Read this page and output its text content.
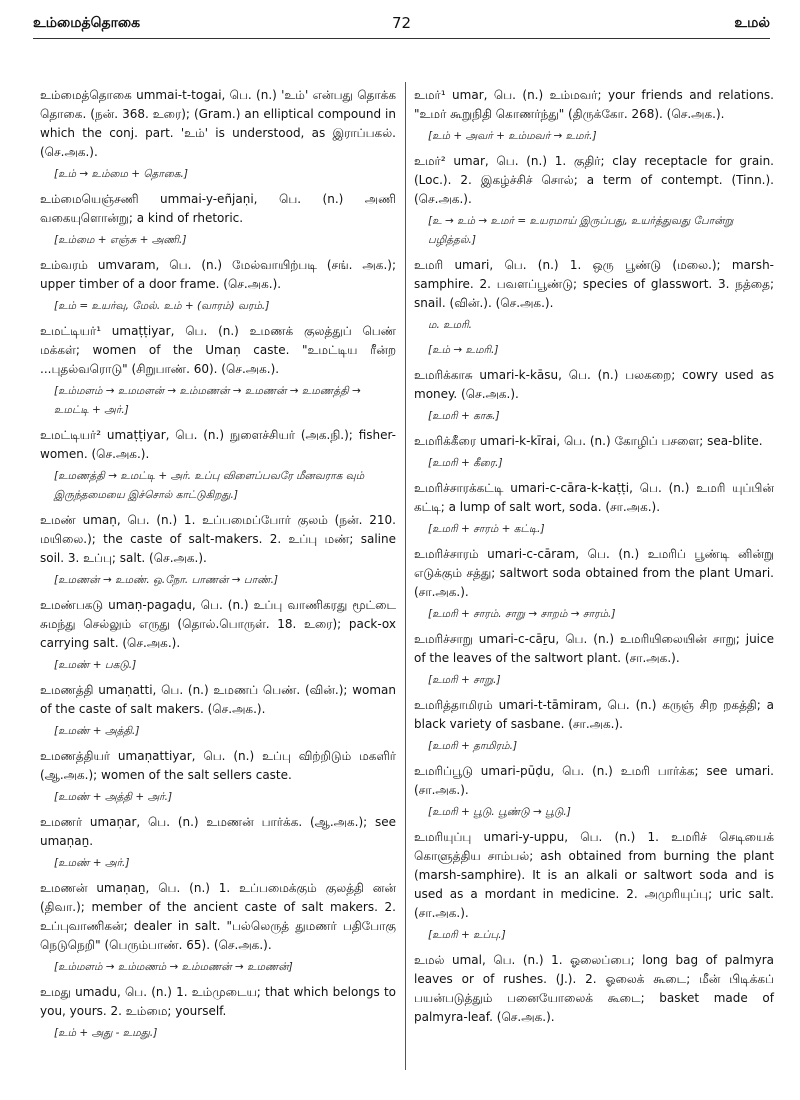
உம்மைத்தொகை	72	உமல்

உம்மைத்தொகை ummai-t-togai, பெ. (n.) 'உம்' என்பது தொக்க தொகை. (நன். 368. உரை); (Gram.) an elliptical compound in which the conj. part. 'உம்' is understood, as இராப்பகல். (செ.அக.).

[உம் → உம்மை + தொகை.]

உம்மையெஞ்சணி ummai-y-eñjaṇi, பெ. (n.) அணி வகையுளொன்று; a kind of rhetoric.

[உம்மை + எஞ்சு + அணி.]

உம்வரம் umvaram, பெ. (n.) மேல்வாயிற்படி (சங். அக.); upper timber of a door frame. (செ.அக.).

[உம் = உயர்வு, மேல். உம் + (வாரம்) வரம்.]

உமட்டியர்¹ umaṭṭiyar, பெ. (n.) உமணக் குலத்துப் பெண் மக்கள்; women of the Umaṇ caste. "உமட்டிய ரீன்ற ...புதல்வரொடு" (சிறுபாண். 60). (செ.அக.).

[உம்மளம் → உமமளன் → உம்மணன் → உமணன் → உமணத்தி → உமட்டி + அர்.]

உமட்டியர்² umaṭṭiyar, பெ. (n.) நுளைச்சியர் (அக.நி.); fisher-women. (செ.அக.).

[உமணத்தி → உமட்டி + அர். உப்பு விளைப்பவரே மீனவராக வும் இருந்தமையை இச்சொல் காட்டுகிறது.]

உமண் umaṇ, பெ. (n.) 1. உப்பமைப்போர் குலம் (நன். 210. மயிலை.); the caste of salt-makers. 2. உப்பு மண்; saline soil. 3. உப்பு; salt. (செ.அக.).

[உமணன் → உமண். ஒ.நோ. பாணன் → பாண்.]

உமண்பகடு umaṇ-pagaḍu, பெ. (n.) உப்பு வாணிகரது மூட்டை சுமந்து செல்லும் எருது (தொல்.பொருள். 18. உரை); pack-ox carrying salt. (செ.அக.).

[உமண் + பகடு.]

உமணத்தி umaṇatti, பெ. (n.) உமணப் பெண். (வின்.); woman of the caste of salt makers. (செ.அக.).

[உமண் + அத்தி.]

உமணத்தியர் umaṇattiyar, பெ. (n.) உப்பு விற்றிடும் மகளிர் (ஆ.அக.); women of the salt sellers caste.

[உமண் + அத்தி + அர்.]

உமணர் umaṇar, பெ. (n.) உமணன் பார்க்க. (ஆ.அக.); see umaṇaṉ.

[உமண் + அர்.]

உமணன் umaṇaṉ, பெ. (n.) 1. உப்பமைக்கும் குலத்தி னன் (திவா.); member of the ancient caste of salt makers. 2. உப்புவாணிகன்; dealer in salt. "பல்லெருத் துமணர் பதிபோகு நெடுநெறி" (பெரும்பாண். 65). (செ.அக.).

[உம்மளம் → உம்மணம் → உம்மணன் → உமணன்]

உமது umadu, பெ. (n.) 1. உம்முடைய; that which belongs to you, yours. 2. உம்மை; yourself.

[உம் + அது - உமது.]

உமர்¹ umar, பெ. (n.) உம்மவர்; your friends and relations. "உமர் கூறுநிதி கொணர்ந்து" (திருக்கோ. 268). (செ.அக.).

[உம் + அவர் + உம்மவர் → உமர்.]

உமர்² umar, பெ. (n.) 1. குதிர்; clay receptacle for grain. (Loc.). 2. இகழ்ச்சிச் சொல்; a term of contempt. (Tinn.). (செ.அக.).

[உ → உம் → உமர் = உயரமாய் இருப்பது, உயர்த்துவது போன்று பழித்தல்.]

உமரி umari, பெ. (n.) 1. ஒரு பூண்டு (மலை.); marsh-samphire. 2. பவளப்பூண்டு; species of glasswort. 3. நத்தை; snail. (வின்.). (செ.அக.).

ம. உமரி.

[உம் → உமரி.]

உமரிக்காசு umari-k-kāsu, பெ. (n.) பலகறை; cowry used as money. (செ.அக.).

[உமரி + காசு.]

உமரிக்கீரை umari-k-kīrai, பெ. (n.) கோழிப் பசளை; sea-blite.

[உமரி + கீரை.]

உமரிச்சாரக்கட்டி umari-c-cāra-k-kaṭṭi, பெ. (n.) உமரி யுப்பின் கட்டி; a lump of salt wort, soda. (சா.அக.).

[உமரி + சாரம் + கட்டி.]

உமரிச்சாரம் umari-c-cāram, பெ. (n.) உமரிப் பூண்டி னின்று எடுக்கும் சத்து; saltwort soda obtained from the plant Umari. (சா.அக.).

[உமரி + சாரம். சாறு → சாறம் → சாரம்.]

உமரிச்சாறு umari-c-cāṟu, பெ. (n.) உமரியிலையின் சாறு; juice of the leaves of the saltwort plant. (சா.அக.).

[உமரி + சாறு.]

உமரித்தாமிரம் umari-t-tāmiram, பெ. (n.) கருஞ் சிற றகத்தி; a black variety of sasbane. (சா.அக.).

[உமரி + தாமிரம்.]

உமரிப்பூடு umari-pūḍu, பெ. (n.) உமரி பார்க்க; see umari. (சா.அக.).

[உமரி + பூடு. பூண்டு → பூடு.]

உமரியுப்பு umari-y-uppu, பெ. (n.) 1. உமரிச் செடியைக் கொளுத்திய சாம்பல்; ash obtained from burning the plant (marsh-samphire). It is an alkali or saltwort soda and is used as a mordant in medicine. 2. அமுரியுப்பு; uric salt. (சா.அக.).

[உமரி + உப்பு.]

உமல் umal, பெ. (n.) 1. ஓலைப்பை; long bag of palmyra leaves or of rushes. (J.). 2. ஓலைக் கூடை; மீன் பிடிக்கப் பயன்படுத்தும் பனையோலைக் கூடை; basket made of palmyra-leaf. (செ.அக.).
